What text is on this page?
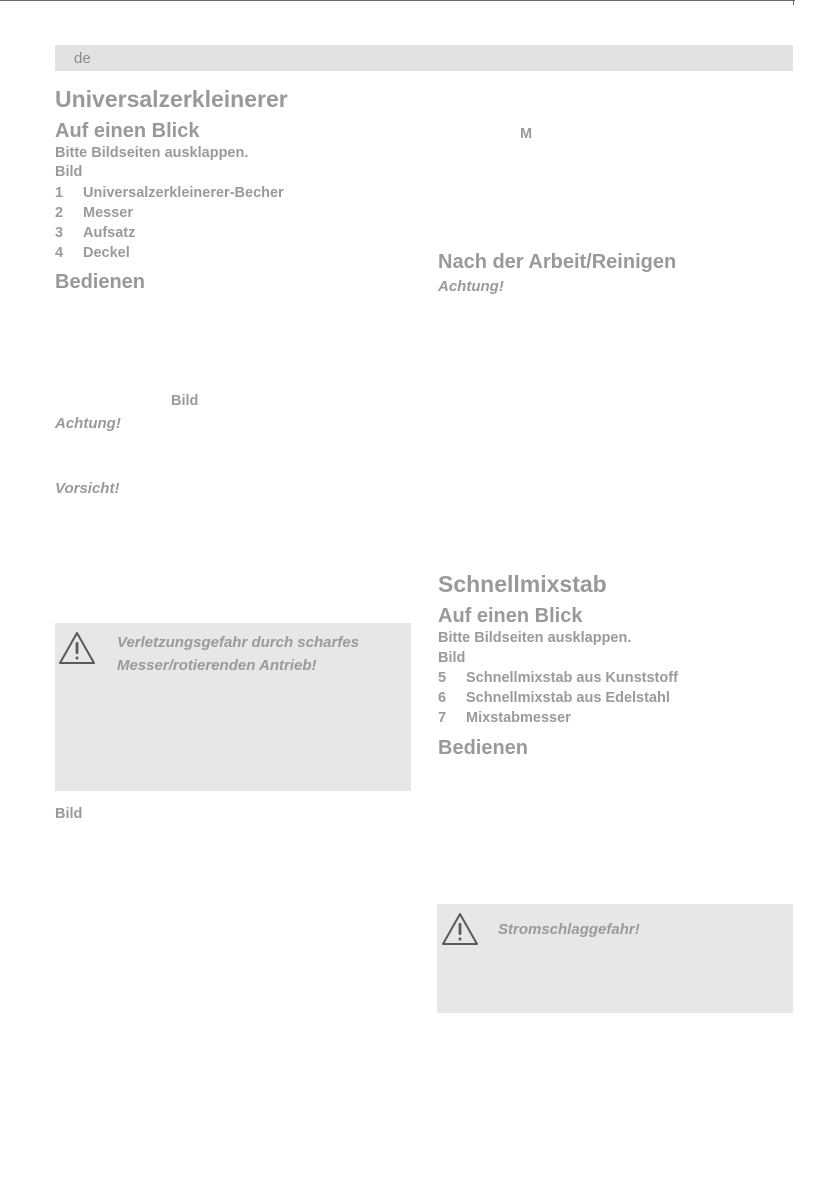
de
Universalzerkleinerer
Auf einen Blick
Bitte Bildseiten ausklappen.
Bild
1	Universalzerkleinerer-Becher
2	Messer
3	Aufsatz
4	Deckel
Bedienen
Bild
Achtung!
Vorsicht!
Verletzungsgefahr durch scharfes
Messer/rotierenden Antrieb!
Bild
M
Nach der Arbeit/Reinigen
Achtung!
Schnellmixstab
Auf einen Blick
Bitte Bildseiten ausklappen.
Bild
5	Schnellmixstab aus Kunststoff
6	Schnellmixstab aus Edelstahl
7	Mixstabmesser
Bedienen
Stromschlaggefahr!
